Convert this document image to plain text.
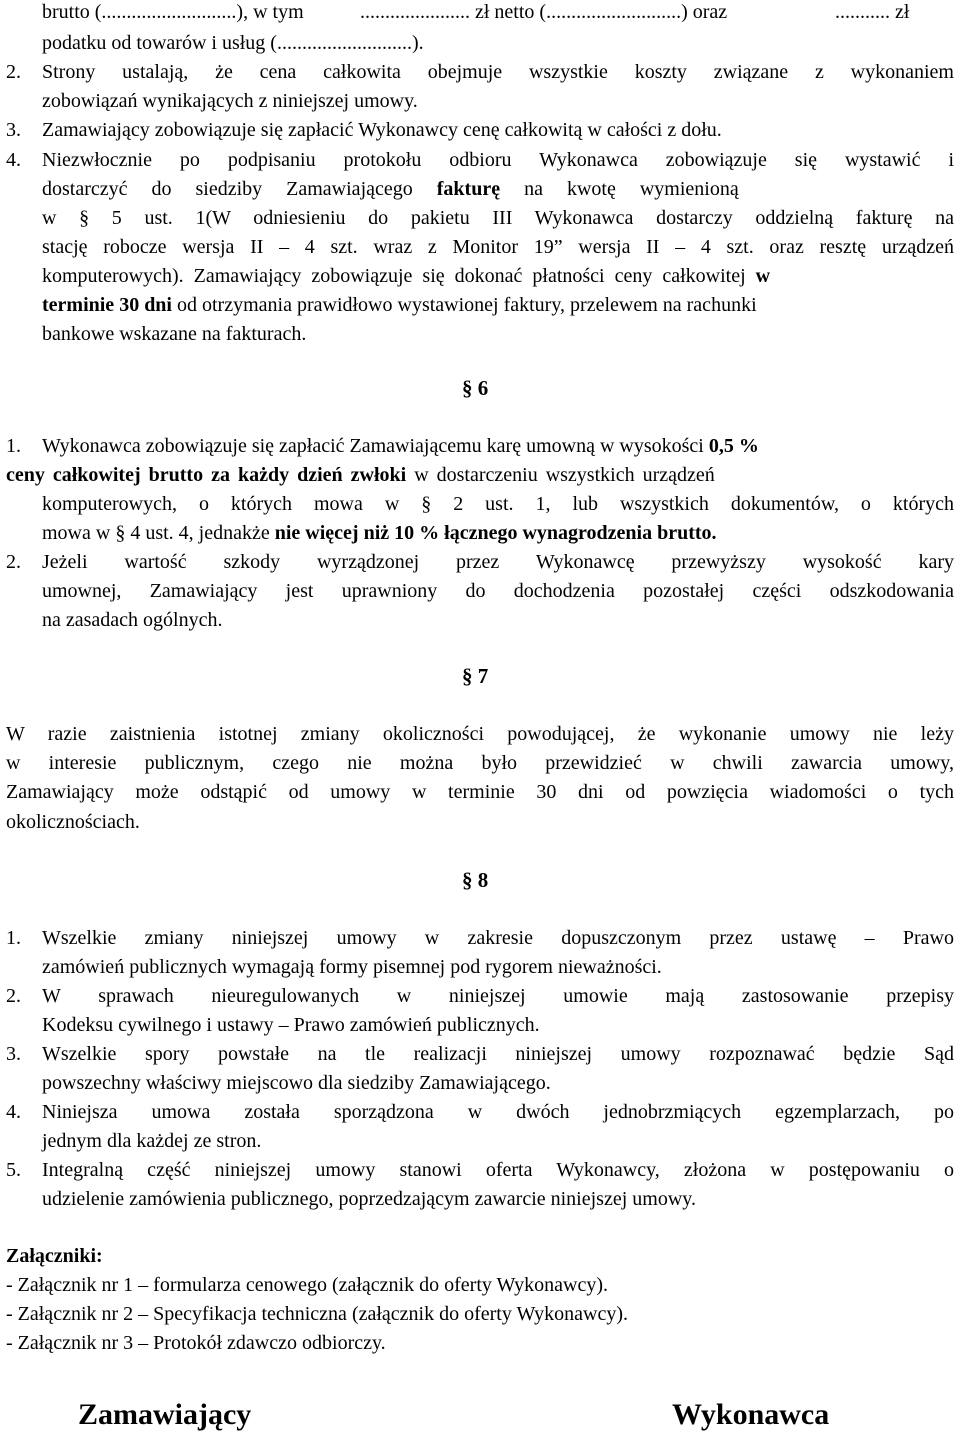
brutto (...........................), w tym	...................... zł netto (...........................) oraz	........... zł
podatku od towarów i usług (...........................).
2. Strony ustalają, że cena całkowita obejmuje wszystkie koszty związane z wykonaniem
zobowiązań wynikających z niniejszej umowy.
3. Zamawiający zobowiązuje się zapłacić Wykonawcy cenę całkowitą w całości z dołu.
4. Niezwłocznie po podpisaniu protokołu odbioru Wykonawca zobowiązuje się wystawić i
dostarczyć do siedziby Zamawiającego fakturę na kwotę wymienioną
w § 5 ust. 1(W odniesieniu do pakietu III Wykonawca dostarczy oddzielną fakturę na
stację robocze wersja II – 4 szt. wraz z Monitor 19” wersja II – 4 szt. oraz resztę urządzeń
komputerowych). Zamawiający zobowiązuje się dokonać płatności ceny całkowitej w
terminie 30 dni od otrzymania prawidłowo wystawionej faktury, przelewem na rachunki
bankowe wskazane na fakturach.
§ 6
1. Wykonawca zobowiązuje się zapłacić Zamawiającemu karę umowną w wysokości 0,5 %
ceny całkowitej brutto za każdy dzień zwłoki w dostarczeniu wszystkich urządzeń
komputerowych, o których mowa w § 2 ust. 1, lub wszystkich dokumentów, o których
mowa w § 4 ust. 4, jednakże nie więcej niż 10 % łącznego wynagrodzenia brutto.
2. Jeżeli wartość szkody wyrządzonej przez Wykonawcę przewyższy wysokość kary
umownej, Zamawiający jest uprawniony do dochodzenia pozostałej części odszkodowania
na zasadach ogólnych.
§ 7
W razie zaistnienia istotnej zmiany okoliczności powodującej, że wykonanie umowy nie leży
w interesie publicznym, czego nie można było przewidzieć w chwili zawarcia umowy,
Zamawiający może odstąpić od umowy w terminie 30 dni od powzięcia wiadomości o tych
okolicznościach.
§ 8
1. Wszelkie zmiany niniejszej umowy w zakresie dopuszczonym przez ustawę – Prawo
zamówień publicznych wymagają formy pisemnej pod rygorem nieważności.
2. W sprawach nieuregulowanych w niniejszej umowie mają zastosowanie przepisy
Kodeksu cywilnego i ustawy – Prawo zamówień publicznych.
3. Wszelkie spory powstałe na tle realizacji niniejszej umowy rozpoznawać będzie Sąd
powszechny właściwy miejscowo dla siedziby Zamawiającego.
4. Niniejsza umowa została sporządzona w dwóch jednobrzmiących egzemplarzach, po
jednym dla każdej ze stron.
5. Integralną część niniejszej umowy stanowi oferta Wykonawcy, złożona w postępowaniu o
udzielenie zamówienia publicznego, poprzedzającym zawarcie niniejszej umowy.
Załączniki:
- Załącznik nr 1 – formularza cenowego (załącznik do oferty Wykonawcy).
- Załącznik nr 2 – Specyfikacja techniczna (załącznik do oferty Wykonawcy).
- Załącznik nr 3 – Protokół zdawczo odbiorczy.
Zamawiający	Wykonawca
